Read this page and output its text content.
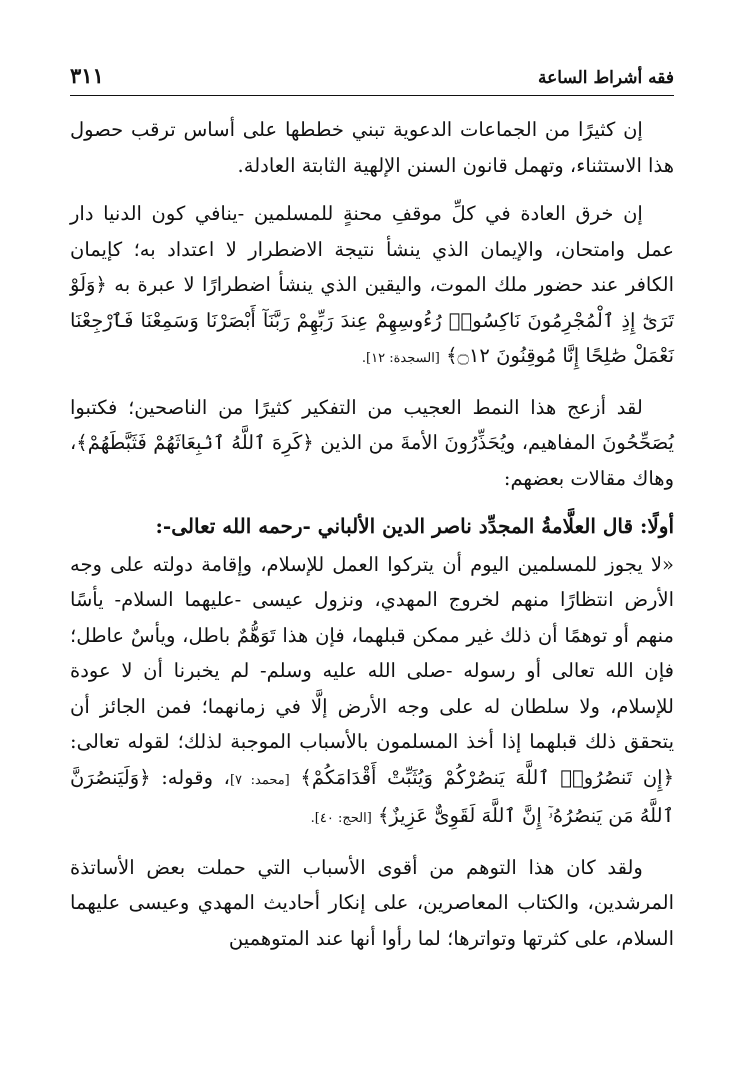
فقه أشراط الساعة
٣١١

إن كثيرًا من الجماعات الدعوية تبني خططها على أساس ترقب حصول هذا الاستثناء، وتهمل قانون السنن الإلهية الثابتة العادلة.

إن خرق العادة في كلِّ موقفِ محنةٍ للمسلمين -ينافي كون الدنيا دار عمل وامتحان، والإيمان الذي ينشأ نتيجة الاضطرار لا اعتداد به؛ كإيمان الكافر عند حضور ملك الموت، واليقين الذي ينشأ اضطرارًا لا عبرة به ﴿وَلَوْ تَرَىٰٓ إِذِ ٱلْمُجْرِمُونَ نَاكِسُوا۟ رُءُوسِهِمْ عِندَ رَبِّهِمْ رَبَّنَآ أَبْصَرْنَا وَسَمِعْنَا فَٱرْجِعْنَا نَعْمَلْ صَٰلِحًا إِنَّا مُوقِنُونَ ۝١٢﴾ [السجدة: ١٢].

لقد أزعج هذا النمط العجيب من التفكير كثيرًا من الناصحين؛ فكتبوا يُصَحِّحُونَ المفاهيم، ويُحَذِّرُونَ الأمةَ من الذين ﴿كَرِهَ ٱللَّهُ ٱنۢبِعَاثَهُمْ فَثَبَّطَهُمْ﴾، وهاك مقالات بعضهم:

أولًا: قال العلَّامةُ المجدِّد ناصر الدين الألباني -رحمه الله تعالى-:

«لا يجوز للمسلمين اليوم أن يتركوا العمل للإسلام، وإقامة دولته على وجه الأرض انتظارًا منهم لخروج المهدي، ونزول عيسى -عليهما السلام- يأسًا منهم أو توهمًا أن ذلك غير ممكن قبلهما، فإن هذا تَوَهُّمٌ باطل، ويأسٌ عاطل؛ فإن الله تعالى أو رسوله -صلى الله عليه وسلم- لم يخبرنا أن لا عودة للإسلام، ولا سلطان له على وجه الأرض إلَّا في زمانهما؛ فمن الجائز أن يتحقق ذلك قبلهما إذا أخذ المسلمون بالأسباب الموجبة لذلك؛ لقوله تعالى: ﴿إِن تَنصُرُوا۟ ٱللَّهَ يَنصُرْكُمْ وَيُثَبِّتْ أَقْدَامَكُمْ﴾ [محمد: ٧]، وقوله: ﴿وَلَيَنصُرَنَّ ٱللَّهُ مَن يَنصُرُهُۥٓ إِنَّ ٱللَّهَ لَقَوِىٌّ عَزِيزٌ﴾ [الحج: ٤٠].

ولقد كان هذا التوهم من أقوى الأسباب التي حملت بعض الأساتذة المرشدين، والكتاب المعاصرين، على إنكار أحاديث المهدي وعيسى عليهما السلام، على كثرتها وتواترها؛ لما رأوا أنها عند المتوهمين
